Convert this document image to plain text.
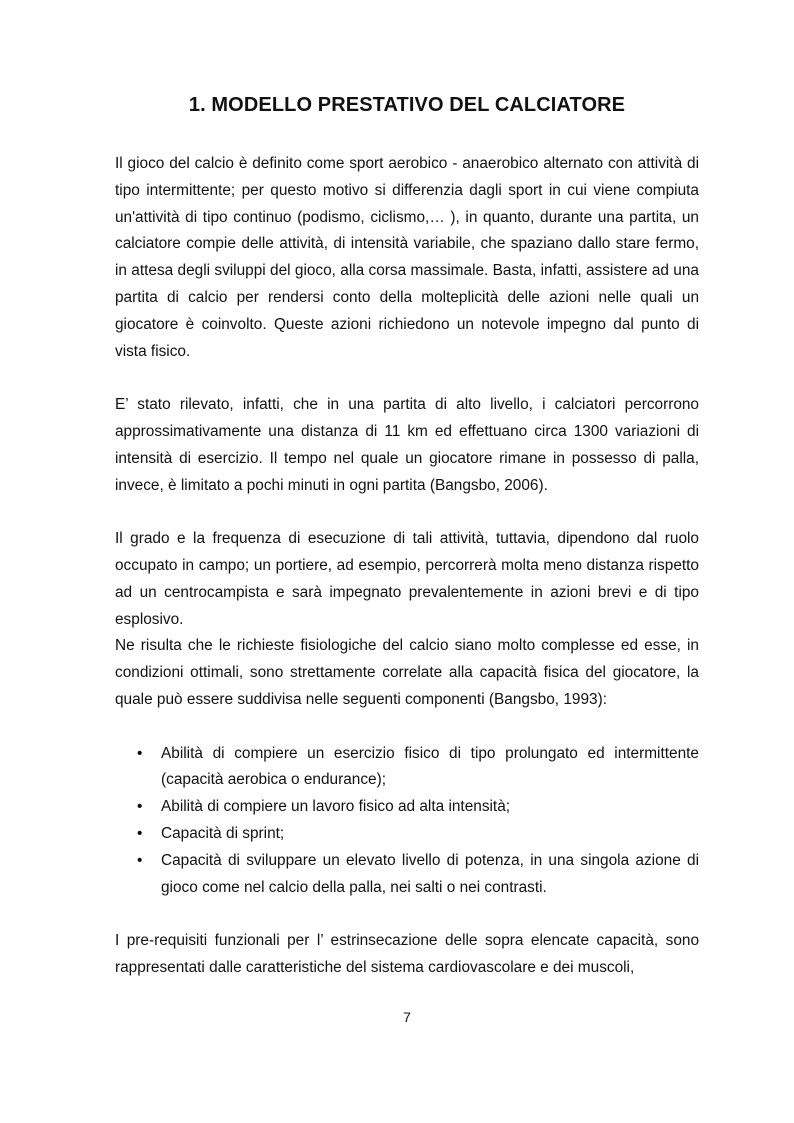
1. MODELLO PRESTATIVO DEL CALCIATORE

Il gioco del calcio è definito come sport aerobico - anaerobico alternato con attività di tipo intermittente; per questo motivo si differenzia dagli sport in cui viene compiuta un'attività di tipo continuo (podismo, ciclismo,… ), in quanto, durante una partita, un calciatore compie delle attività, di intensità variabile, che spaziano dallo stare fermo, in attesa degli sviluppi del gioco, alla corsa massimale. Basta, infatti, assistere ad una partita di calcio per rendersi conto della molteplicità delle azioni nelle quali un giocatore è coinvolto. Queste azioni richiedono un notevole impegno dal punto di vista fisico.

E’ stato rilevato, infatti, che in una partita di alto livello, i calciatori percorrono approssimativamente una distanza di 11 km ed effettuano circa 1300 variazioni di intensità di esercizio. Il tempo nel quale un giocatore rimane in possesso di palla, invece, è limitato a pochi minuti in ogni partita (Bangsbo, 2006).

Il grado e la frequenza di esecuzione di tali attività, tuttavia, dipendono dal ruolo occupato in campo; un portiere, ad esempio, percorrerà molta meno distanza rispetto ad un centrocampista e sarà impegnato prevalentemente in azioni brevi e di tipo esplosivo.

Ne risulta che le richieste fisiologiche del calcio siano molto complesse ed esse, in condizioni ottimali, sono strettamente correlate alla capacità fisica del giocatore, la quale può essere suddivisa nelle seguenti componenti (Bangsbo, 1993):

• Abilità di compiere un esercizio fisico di tipo prolungato ed intermittente (capacità aerobica o endurance);
• Abilità di compiere un lavoro fisico ad alta intensità;
• Capacità di sprint;
• Capacità di sviluppare un elevato livello di potenza, in una singola azione di gioco come nel calcio della palla, nei salti o nei contrasti.

I pre-requisiti funzionali per l’ estrinsecazione delle sopra elencate capacità, sono rappresentati dalle caratteristiche del sistema cardiovascolare e dei muscoli,

7
